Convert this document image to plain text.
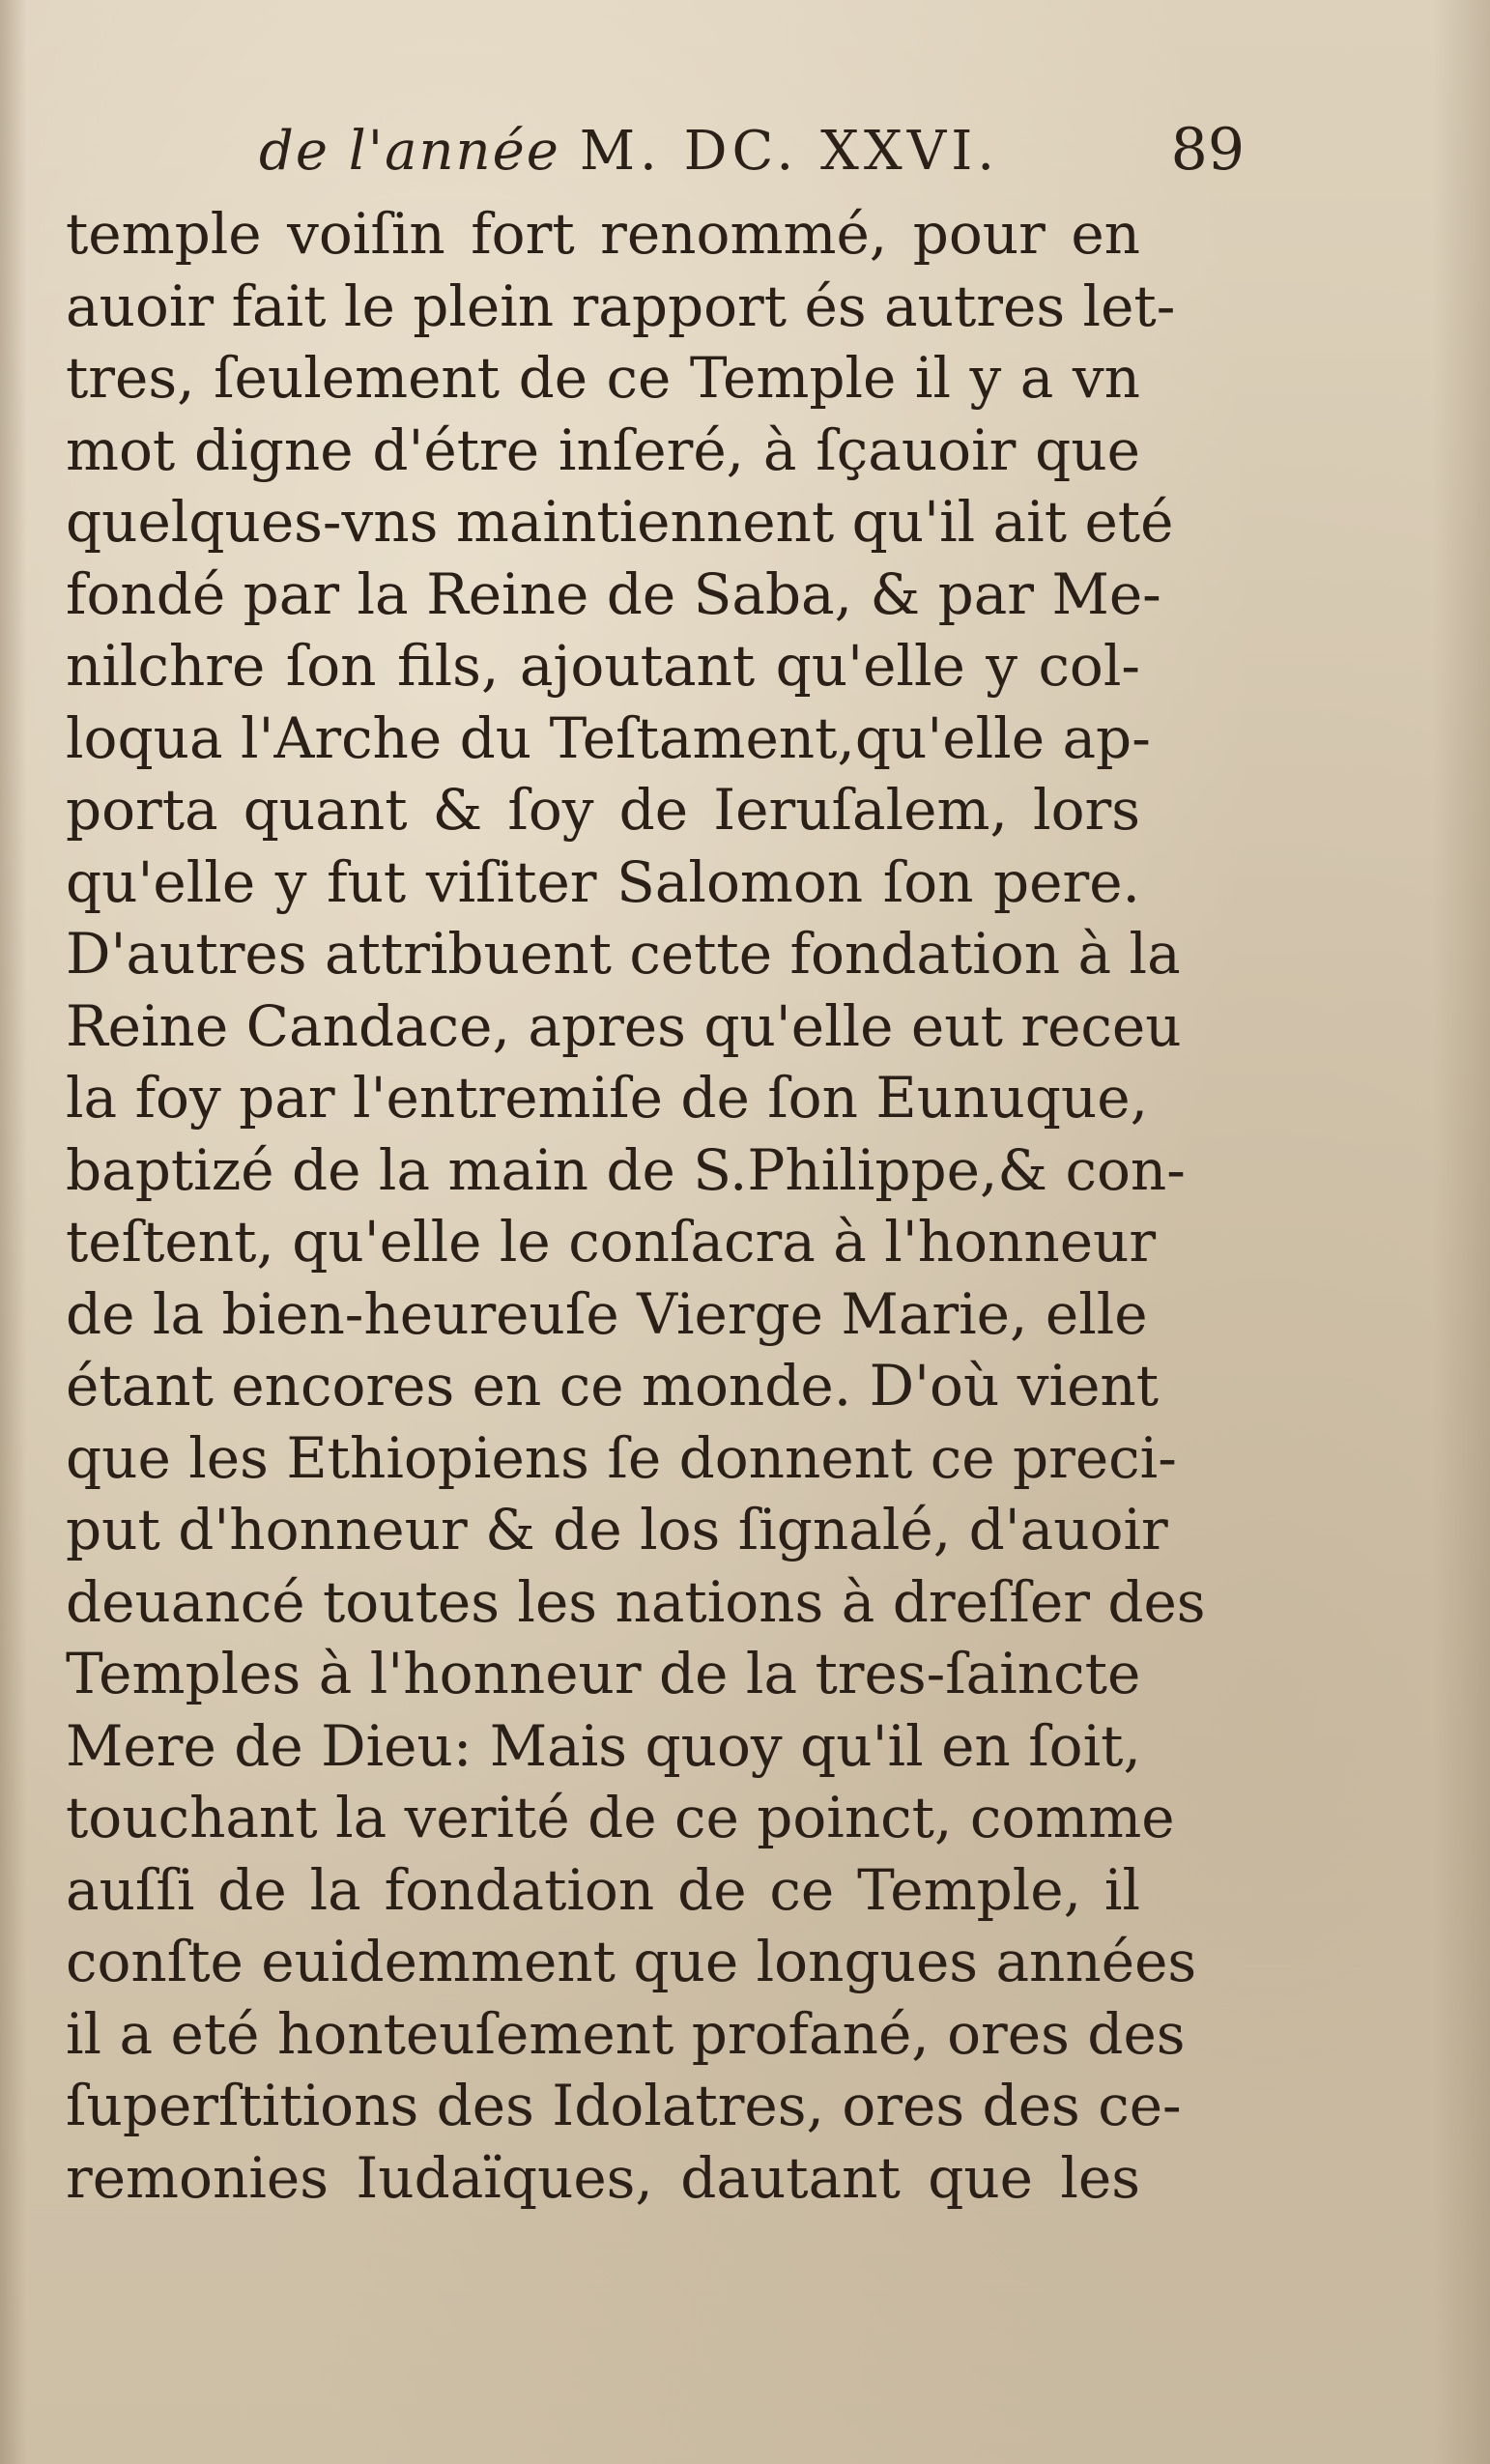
de l'année M. DC. XXVI.	89
temple voiſin fort renommé, pour en
auoir fait le plein rapport és autres let-
tres, ſeulement de ce Temple il y a vn
mot digne d'étre inſeré, à ſçauoir que
quelques-vns maintiennent qu'il ait eté
fondé par la Reine de Saba, & par Me-
nilchre ſon fils, ajoutant qu'elle y col-
loqua l'Arche du Teſtament,qu'elle ap-
porta quant & ſoy de Ieruſalem, lors
qu'elle y fut viſiter Salomon ſon pere.
D'autres attribuent cette fondation à la
Reine Candace, apres qu'elle eut receu
la foy par l'entremiſe de ſon Eunuque,
baptizé de la main de S.Philippe,& con-
teſtent, qu'elle le conſacra à l'honneur
de la bien-heureuſe Vierge Marie, elle
étant encores en ce monde. D'où vient
que les Ethiopiens ſe donnent ce preci-
put d'honneur & de los ſignalé, d'auoir
deuancé toutes les nations à dreſſer des
Temples à l'honneur de la tres-ſaincte
Mere de Dieu: Mais quoy qu'il en ſoit,
touchant la verité de ce poinct, comme
auſſi de la fondation de ce Temple, il
conſte euidemment que longues années
il a eté honteuſement profané, ores des
ſuperſtitions des Idolatres, ores des ce-
remonies Iudaïques, dautant que les
